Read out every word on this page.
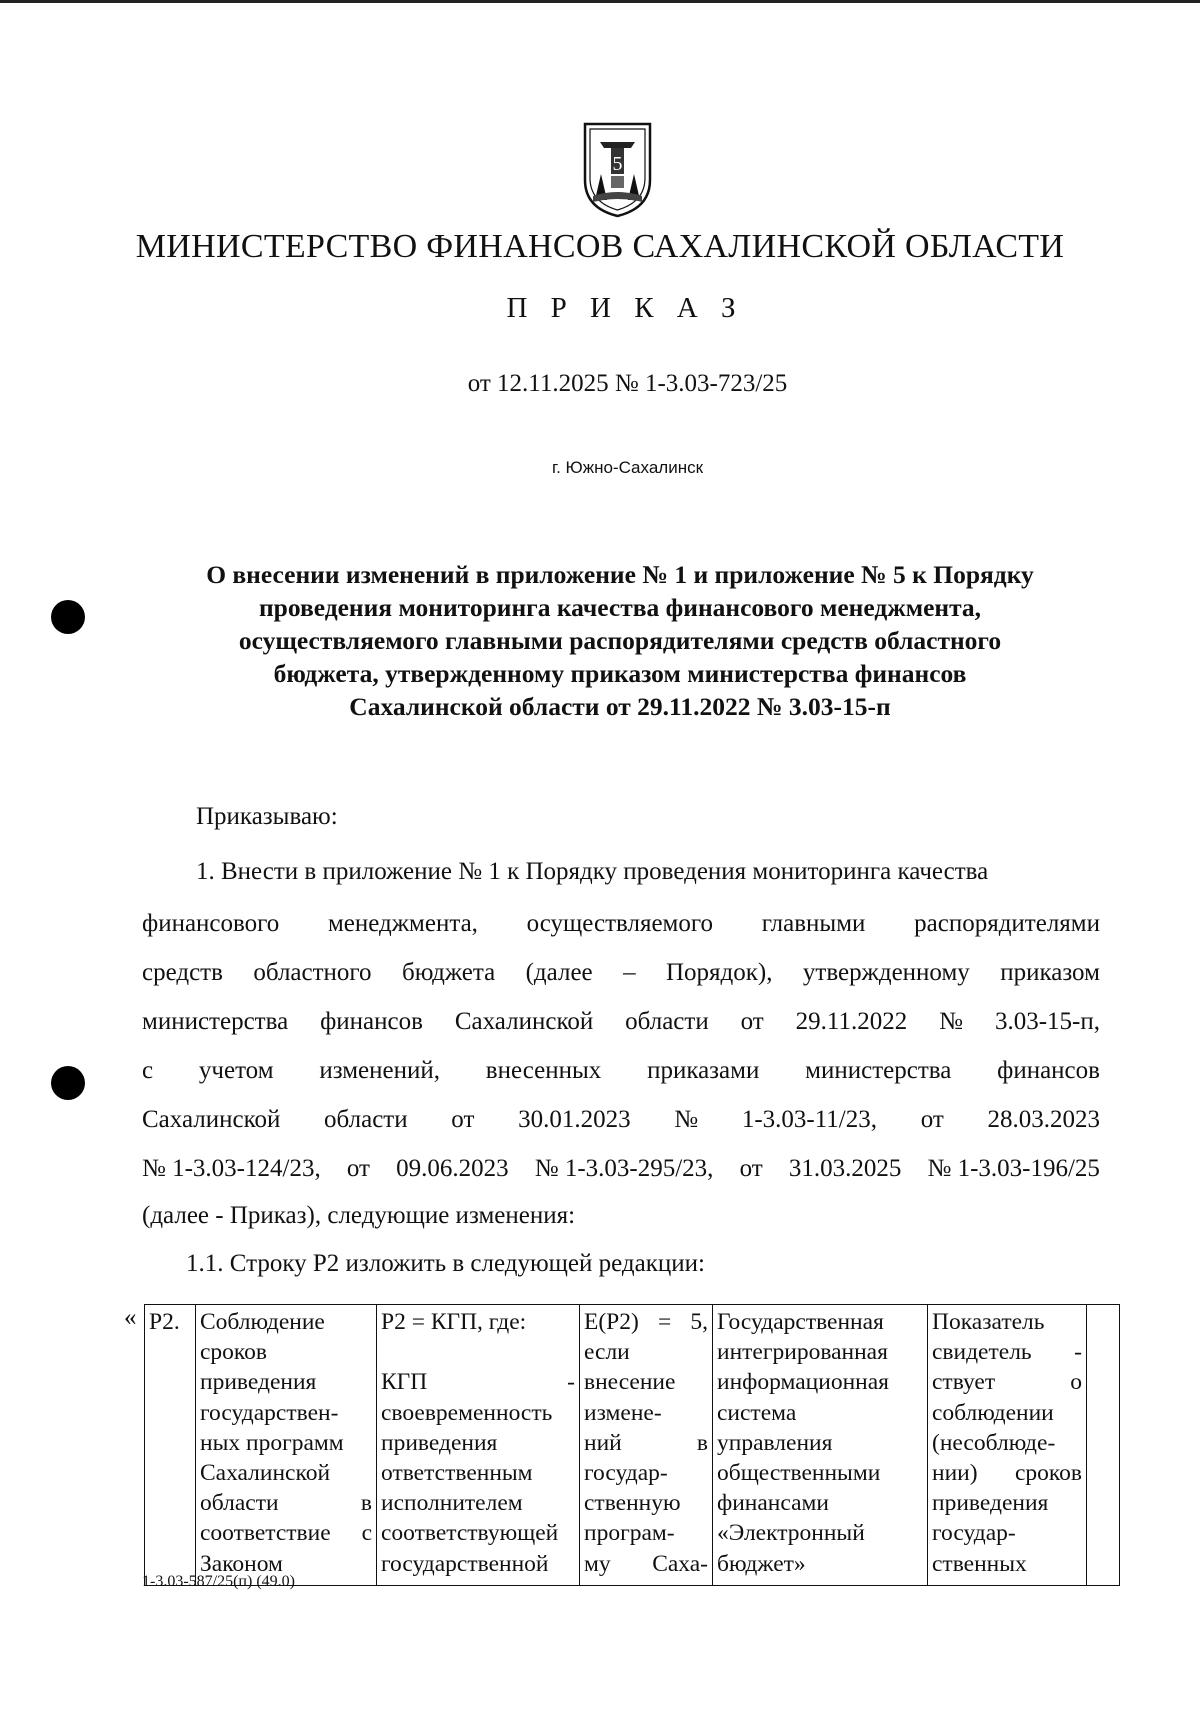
5
МИНИСТЕРСТВО ФИНАНСОВ САХАЛИНСКОЙ ОБЛАСТИ
П Р И К А З
от 12.11.2025 № 1-3.03-723/25
г. Южно-Сахалинск
О внесении изменений в приложение № 1 и приложение № 5 к Порядку
проведения мониторинга качества финансового менеджмента,
осуществляемого главными распорядителями средств областного
бюджета, утвержденному приказом министерства финансов
Сахалинской области от 29.11.2022 № 3.03-15-п
Приказываю:
1. Внести в приложение № 1 к Порядку проведения мониторинга качества
финансового менеджмента, осуществляемого главными распорядителями
средств областного бюджета (далее – Порядок), утвержденному приказом
министерства финансов Сахалинской области от 29.11.2022 № 3.03-15-п,
с учетом изменений, внесенных приказами министерства финансов
Сахалинской области от 30.01.2023 № 1-3.03-11/23, от 28.03.2023
№ 1-3.03-124/23, от 09.06.2023 № 1-3.03-295/23, от 31.03.2025 № 1-3.03-196/25
(далее - Приказ), следующие изменения:
1.1. Строку Р2 изложить в следующей редакции:
« Р2.	Соблюдение
сроков
приведения
государствен-
ных программ
Сахалинской
области	в
соответствие с
Законом

Р2 = КГП, где:

КГП	-
своевременность
приведения
ответственным
исполнителем
соответствующей
государственной

Е(Р2) = 5,
если
внесение
измене-
ний	в
государ-
ственную
програм-
му Саха-

Государственная
интегрированная
информационная
система
управления
общественными
финансами
«Электронный
бюджет»

Показатель
свидетель -
ствует	о
соблюдении
(несоблюде-
нии) сроков
приведения
государ-
ственных

1-3.03-587/25(п) (49.0)
